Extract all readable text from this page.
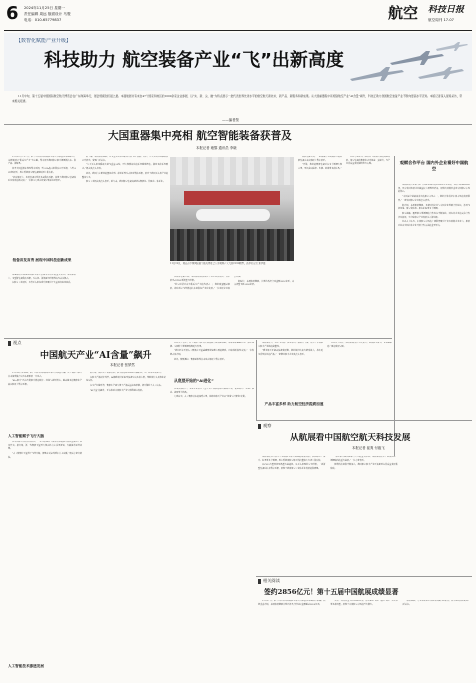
6 2024年11月25日 星期一
责任编辑 周远 版面设计 马骏
电话：010-65779837	航空	科技日报
航空周刊 17-07
【数智化赋能产业升级】
科技助力 航空装备产业“飞”出新高度
11月中旬，第十五届中国国际航空航天博览会在广东珠海举行，展会规模创历届之最。本届航展共有来自47个国家和地区的1000余家企业参展，以“实、新、尖、融”为特点展示一批代表世界先进水平的航空航天新技术、新产品、新服务和新成果。从大国重器集中亮相到航空产业“AI含量”飙升，科技正助力我国航空装备产业不断向更高水平迈进。本版记者深入现场采访，带来相关报道。
——编者按
大国重器集中亮相 航空智能装备获普及
本报记者 雍黎 通讯员 李晓

11月12日至17日，第十五届中国国际航空航天博览会在珠海举行。本届航展以“新质生产力”为主题，集中展示我国航空航天领域新技术、新产品、新服务。

各类大国重器在现场集中亮相，歼-35A战斗机首次公开亮相，与歼-20同场展示，标志着我国空军装备建设迈上新台阶。

“此次航展上，参展装备中有很多是首次亮相，体现了我国航空装备体系化发展的新成果。”一位航空专家在接受记者采访时表示。

装备首发首秀 展现中国科技创新成果

珠海航展历来是我国航空航天装备集中展示的重要窗口。本届航展上，多型新装备首次亮相，无人机、新能源飞行器等成为关注焦点。

在航空工业展区，多款无人机和直升机吸引了大量观众驻足观看。

据了解，本次航展期间，有多型无人机亮相并开展飞行表演。其中，九天无人机母舰首次公开展示，受到广泛关注。

“九天无人机母舰最大起飞重量16吨，可实现模块化的任务载荷换装，满足多种任务需求。”相关负责人介绍。

此外，我国自主研制的翼龙系列、彩虹系列无人机也集体亮相，展示了我国无人机产业的整体实力。

航空工业相关负责人表示，近年来，我国航空装备加速迈向智能化、信息化、体系化。

11月12日，观众在中国国际航空航天博览会上参观国产大飞机C919模型。新华社记者 邓华摄

在智能装备方面，本届航展首次设置了低空经济展区，集中展示eVTOL等新型飞行器。

“低空经济已成为新质生产力的代表之一，我们希望通过航展，推动低空飞行器的技术创新和产业化发展。”一位参展企业负责人说。

据统计，本届航展期间，共签约各类合同金额2856亿元，成交各型飞机1000余架。

智能装备方面，一批具备自主决策能力的智能装备在本次航展上集中展示。

“目前，我们的智能装备已在多个领域实现应用，可以完成巡检、监测、救援等多种任务。”

业内专家认为，随着人工智能技术的加速发展，航空装备的智能化水平将进一步提升，为产业高质量发展提供有力支撑。	观赋合作平台 国内外企业看好中国航空

本届航展共有来自47个国家和地区的1022家企业参展，参展飞机超过260架，其中外国参展企业数量较上届明显增加，展现出国际社会对中国航空市场的信心。

“中国是全球最具活力的航空市场之一，我们非常看好中国市场的发展前景。”一家外国航空企业负责人表示。

据介绍，本届航展期间，多家国外企业与中国企业签署合作协议，涉及飞机制造、航空发动机、航电系统等多个领域。

航空运输、通用航空等领域的合作也在不断深化，国内外企业的交流合作持续拓展，为全球航空产业发展注入新动能。

业内人士认为，中国航空市场的广阔前景吸引了众多国际企业参与，航展已经成为国内外企业开展合作交流的重要平台。

视点
中国航天产业“AI含量”飙升
本报记者 张梦然

11月12日在珠海，第十五届中国国际航空航天博览会开幕。人工智能与航天技术深度融合成为本届航展一大亮点。

“AI+航天”正在改变航天器的设计、制造与运行模式，越来越多的智能化产品在航展上集中亮相。

人工智能赋予飞行大脑

在中国航天科技集团展区，一系列搭载人工智能技术的航天器模型吸引了观众目光。据介绍，新一代智能卫星可实现在轨自主任务规划，大幅提升运行效率。

“人工智能让卫星有了飞行大脑，能够在复杂环境中自主决策。”相关专家介绍说。

人工智能技术渗透发展

据介绍，依托人工智能技术，航天器的研制周期大幅缩短，生产效率显著提升。

在航天产品设计环节，AI辅助设计系统可快速生成多种方案，帮助设计人员优化结构布局。

在生产制造环节，智能生产线实现了产品质量在线检测，极大降低了人工成本。

“AI含量”的飙升，正在推动中国航天产业实现跨越式发展。

业内人士表示，人工智能与航天技术的融合将加速推进，未来将在遥感应用、深空探测、空间科学等领域发挥更大作用。

“我们正在开展人工智能在卫星遥感图像处理方面的研究，已取得阶段性成果。”一位科研人员介绍。

此外，智能测控、智能运维等技术也在航展上集中展示。

从底层开始的“AI进化”

在本次航展上，多家企业展示了基于人工智能的航天解决方案，覆盖设计、制造、测试、运营等全链条。

专家认为，人工智能技术的深度应用，将推动航天产业从“制造”向“智造”转变。

产品丰富多样 助力航空经济提质加速

本届航展上，低空飞行器、商业航天产品种类丰富，展示了中国航空航天产业链的完整性。

“商业航天正迎来快速发展期，我们将持续加大研发投入，推出更多高性价比的产品。”一家商业航天企业负责人表示。

业内人士预计，随着政策支持力度加大，我国航空航天产业将迎来更广阔的发展空间。

观察
从航展看中国航空航天科技发展
本报记者 崔爽 付毅飞

本届航展充分展示了我国航空航天领域的最新成果，涵盖航空、航天、防务等多个领域，标志着我国航空航天科技整体实力迈上新台阶。

从C919大型客机到各型先进战机，从无人机到低空飞行器，一批新型装备和技术集中亮相，展现了我国航空工业体系化发展的新面貌。

“航空航天是国家综合实力的重要体现，本届航展展示了我国在这一领域取得的重大进展。”一位专家表示。

随着科技创新不断深入，我国航空航天产业正加速迈向高质量发展新阶段。

相关阅读
签约2856亿元！第十五届中国航展成绩显著

11月17日，第十五届中国国际航空航天博览会在珠海落下帷幕。据组委会介绍，本届航展期间共签订各类合作协议金额超过2856亿元。

其中，成交各型飞机1000余架，涉及民用飞机、通用飞机、无人机等多种机型，展现了中国航空市场的巨大潜力。

航展期间，专业观众和公众观众人数再创新高，各类论坛活动受到广泛关注。
